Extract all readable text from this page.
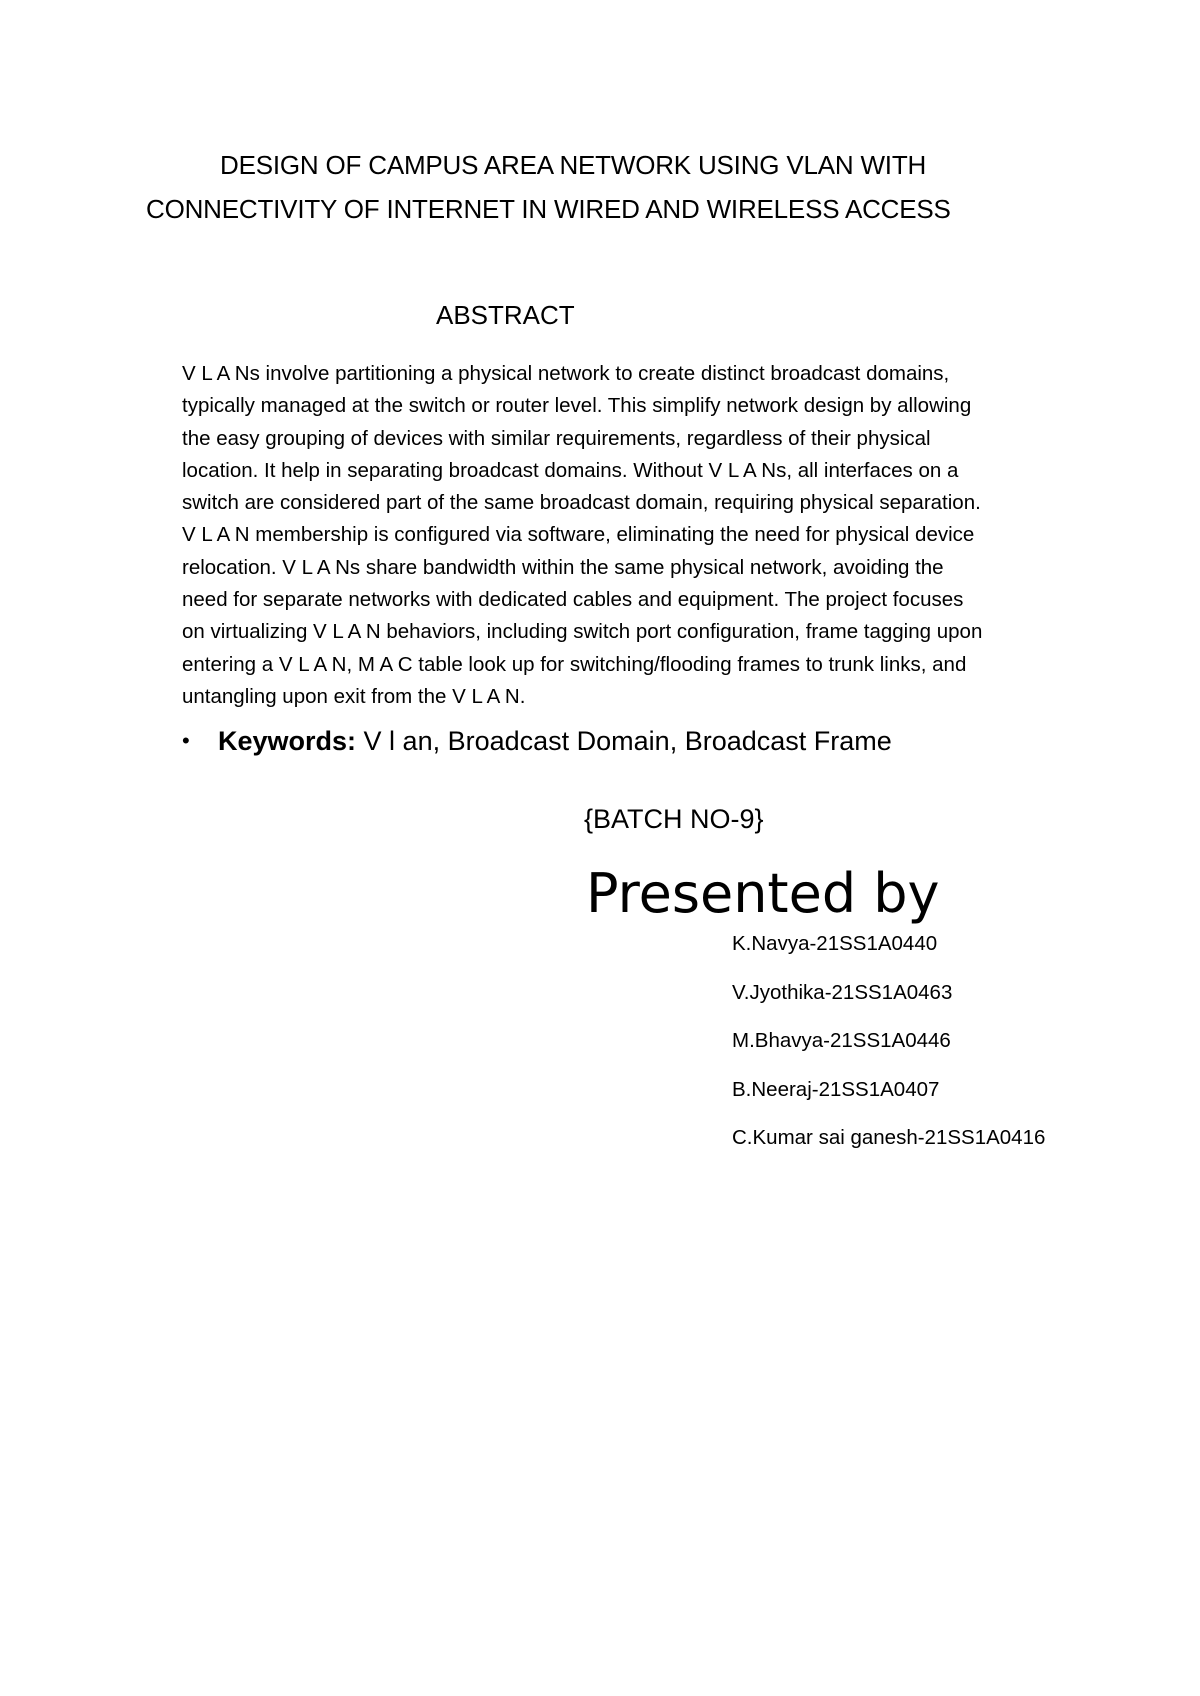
DESIGN OF CAMPUS AREA NETWORK USING VLAN WITH
CONNECTIVITY OF INTERNET IN WIRED AND WIRELESS ACCESS
ABSTRACT

V L A Ns involve partitioning a physical network to create distinct broadcast domains,
typically managed at the switch or router level. This simplify network design by allowing
the easy grouping of devices with similar requirements, regardless of their physical
location. It help in separating broadcast domains. Without V L A Ns, all interfaces on a
switch are considered part of the same broadcast domain, requiring physical separation.
V L A N membership is configured via software, eliminating the need for physical device
relocation. V L A Ns share bandwidth within the same physical network, avoiding the
need for separate networks with dedicated cables and equipment. The project focuses
on virtualizing V L A N behaviors, including switch port configuration, frame tagging upon
entering a V L A N, M A C table look up for switching/flooding frames to trunk links, and
untangling upon exit from the V L A N.

• Keywords: V l an, Broadcast Domain, Broadcast Frame
{BATCH NO-9}
Presented by
K.Navya-21SS1A0440
V.Jyothika-21SS1A0463
M.Bhavya-21SS1A0446
B.Neeraj-21SS1A0407
C.Kumar sai ganesh-21SS1A0416
